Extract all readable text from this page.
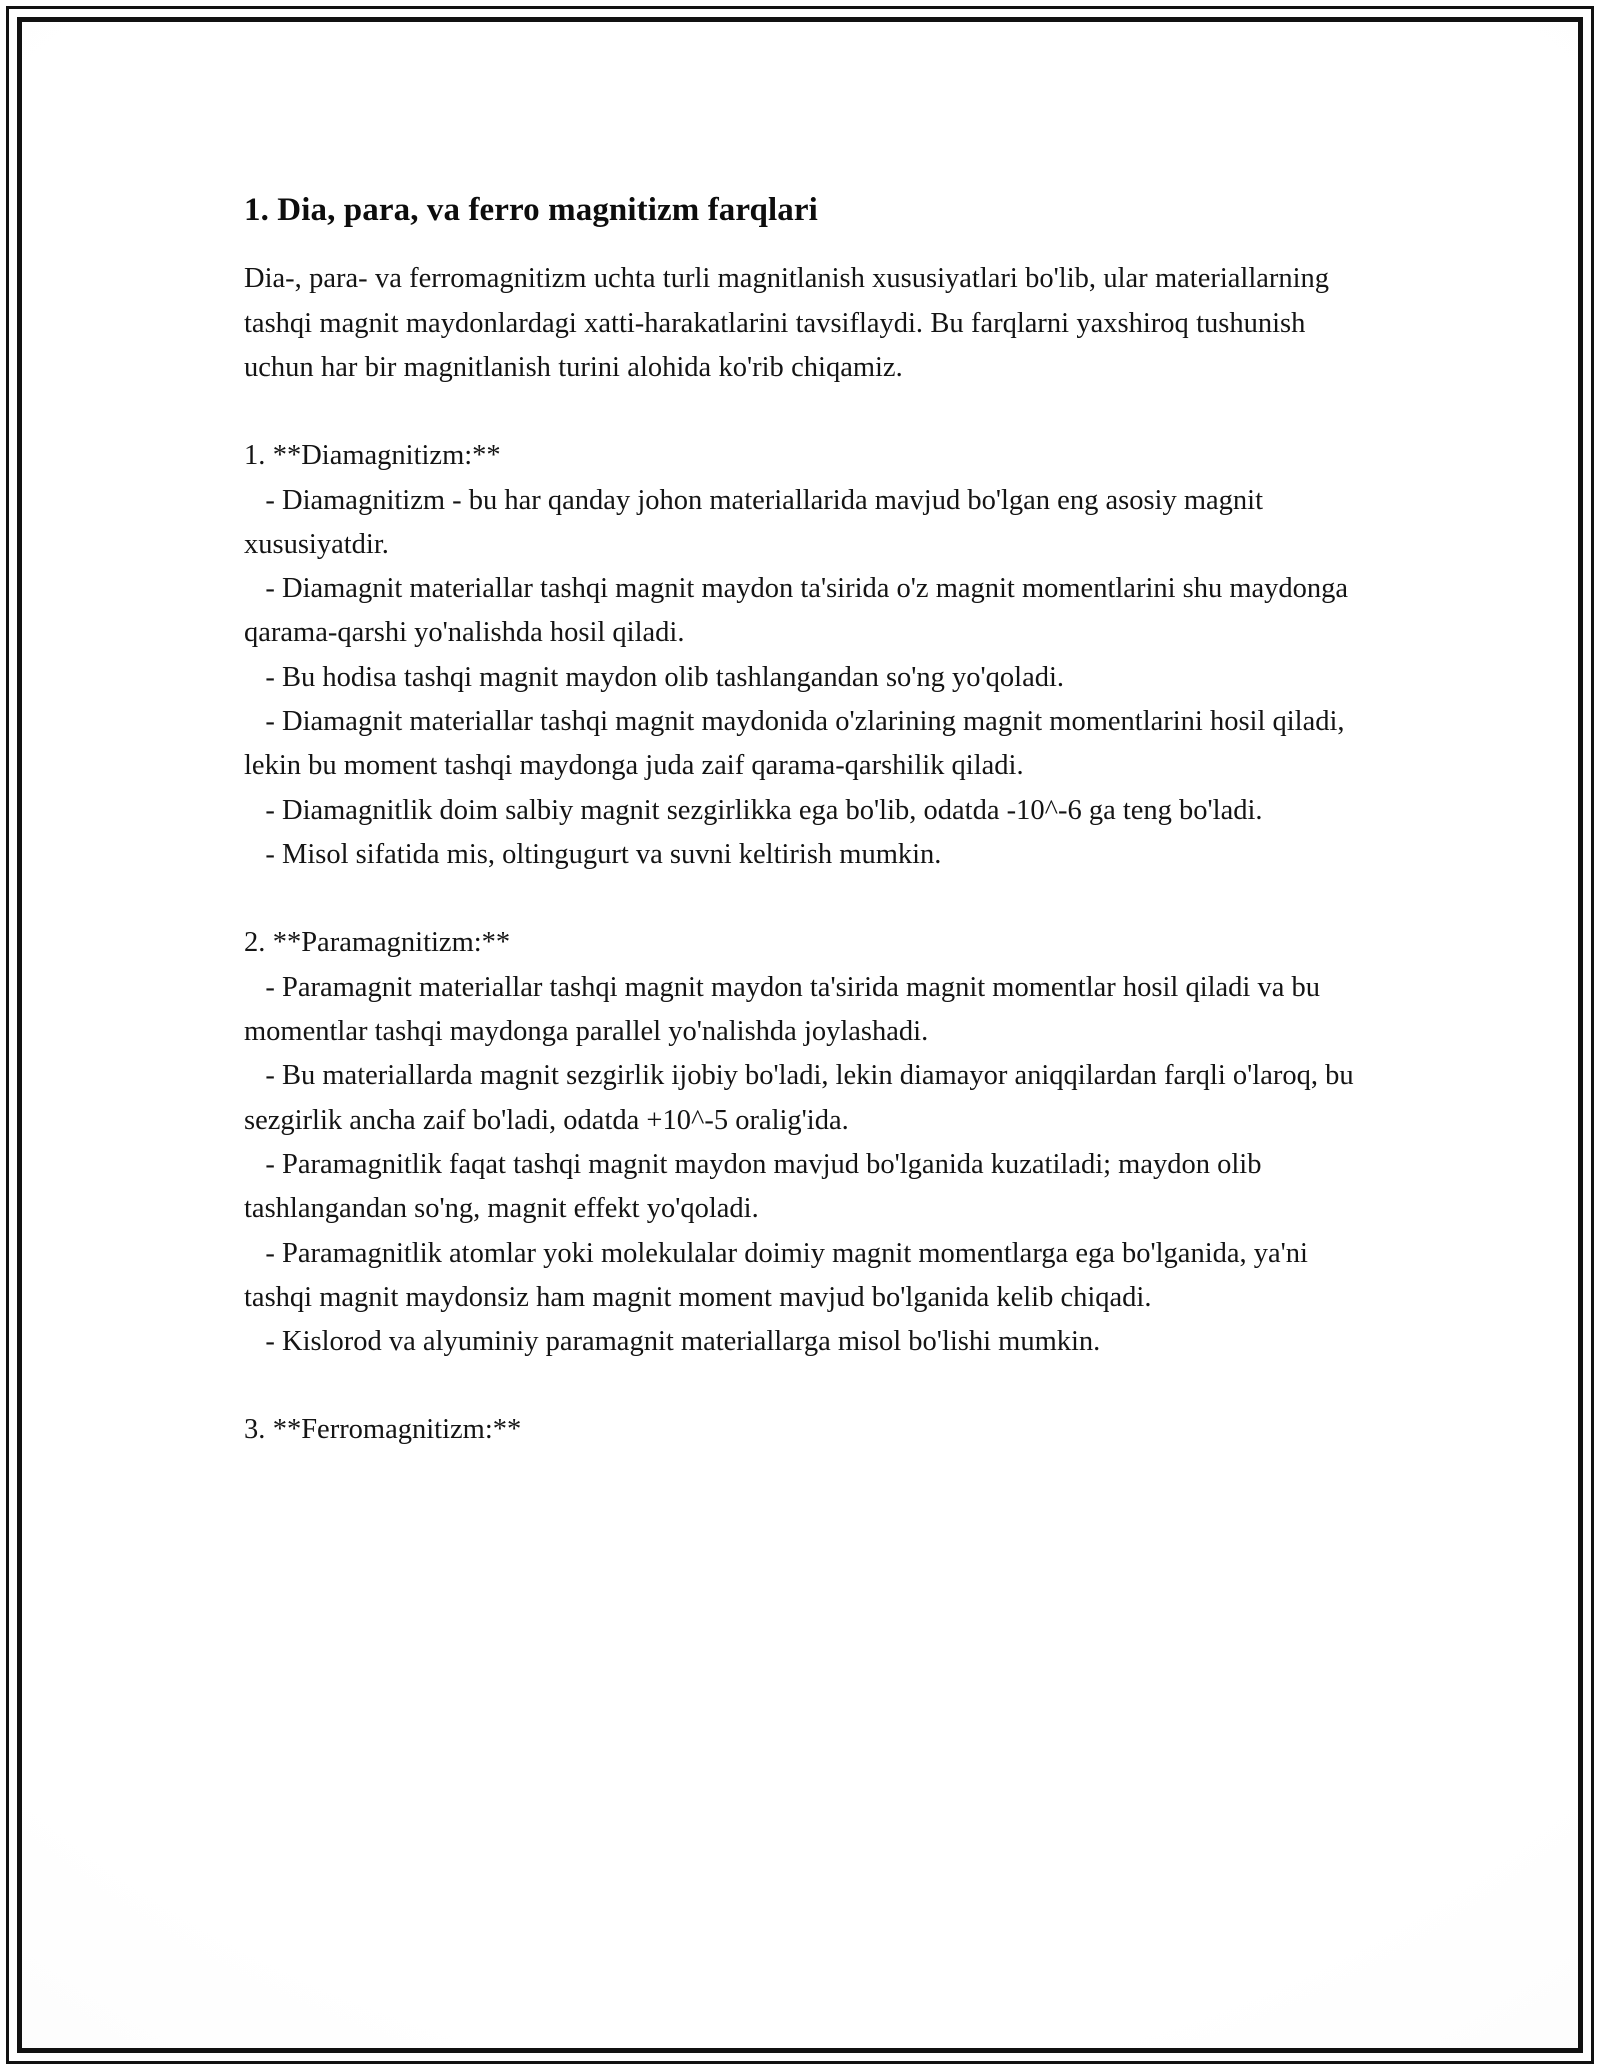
1. Dia, para, va ferro magnitizm farqlari

Dia-, para- va ferromagnitizm uchta turli magnitlanish xususiyatlari bo'lib, ular materiallarning tashqi magnit maydonlardagi xatti-harakatlarini tavsiflaydi. Bu farqlarni yaxshiroq tushunish uchun har bir magnitlanish turini alohida ko'rib chiqamiz.

1. **Diamagnitizm:**

- Diamagnitizm - bu har qanday johon materiallarida mavjud bo'lgan eng asosiy magnit xususiyatdir.

- Diamagnit materiallar tashqi magnit maydon ta'sirida o'z magnit momentlarini shu maydonga qarama-qarshi yo'nalishda hosil qiladi.

- Bu hodisa tashqi magnit maydon olib tashlangandan so'ng yo'qoladi.

- Diamagnit materiallar tashqi magnit maydonida o'zlarining magnit momentlarini hosil qiladi, lekin bu moment tashqi maydonga juda zaif qarama-qarshilik qiladi.

- Diamagnitlik doim salbiy magnit sezgirlikka ega bo'lib, odatda -10^-6 ga teng bo'ladi.

- Misol sifatida mis, oltingugurt va suvni keltirish mumkin.

2. **Paramagnitizm:**

- Paramagnit materiallar tashqi magnit maydon ta'sirida magnit momentlar hosil qiladi va bu momentlar tashqi maydonga parallel yo'nalishda joylashadi.

- Bu materiallarda magnit sezgirlik ijobiy bo'ladi, lekin diamayor aniqqilardan farqli o'laroq, bu sezgirlik ancha zaif bo'ladi, odatda +10^-5 oralig'ida.

- Paramagnitlik faqat tashqi magnit maydon mavjud bo'lganida kuzatiladi; maydon olib tashlangandan so'ng, magnit effekt yo'qoladi.

- Paramagnitlik atomlar yoki molekulalar doimiy magnit momentlarga ega bo'lganida, ya'ni tashqi magnit maydonsiz ham magnit moment mavjud bo'lganida kelib chiqadi.

- Kislorod va alyuminiy paramagnit materiallarga misol bo'lishi mumkin.

3. **Ferromagnitizm:**
